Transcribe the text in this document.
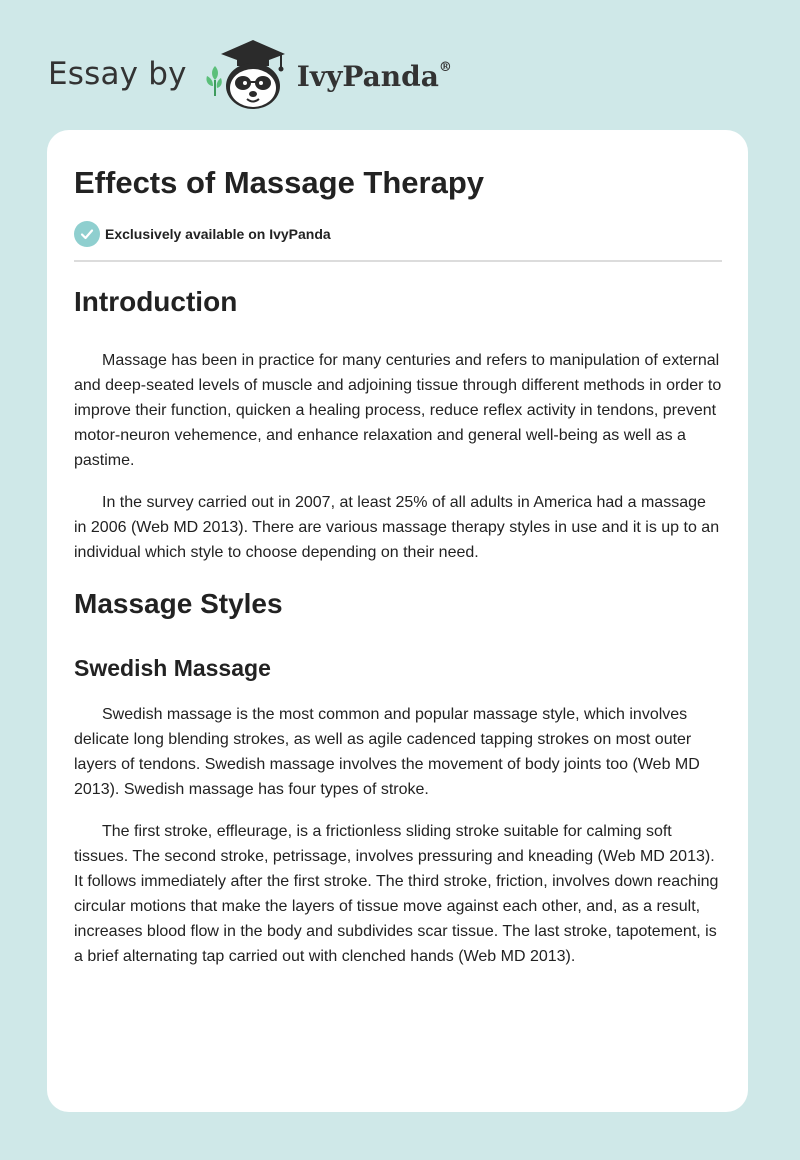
Essay by	IvyPanda®
Effects of Massage Therapy
Exclusively available on IvyPanda
Introduction

Massage has been in practice for many centuries and refers to manipulation of external and deep-seated levels of muscle and adjoining tissue through different methods in order to improve their function, quicken a healing process, reduce reflex activity in tendons, prevent motor-neuron vehemence, and enhance relaxation and general well-being as well as a pastime.

In the survey carried out in 2007, at least 25% of all adults in America had a massage in 2006 (Web MD 2013). There are various massage therapy styles in use and it is up to an individual which style to choose depending on their need.

Massage Styles
Swedish Massage

Swedish massage is the most common and popular massage style, which involves delicate long blending strokes, as well as agile cadenced tapping strokes on most outer layers of tendons. Swedish massage involves the movement of body joints too (Web MD 2013). Swedish massage has four types of stroke.

The first stroke, effleurage, is a frictionless sliding stroke suitable for calming soft tissues. The second stroke, petrissage, involves pressuring and kneading (Web MD 2013). It follows immediately after the first stroke. The third stroke, friction, involves down reaching circular motions that make the layers of tissue move against each other, and, as a result, increases blood flow in the body and subdivides scar tissue. The last stroke, tapotement, is a brief alternating tap carried out with clenched hands (Web MD 2013).
